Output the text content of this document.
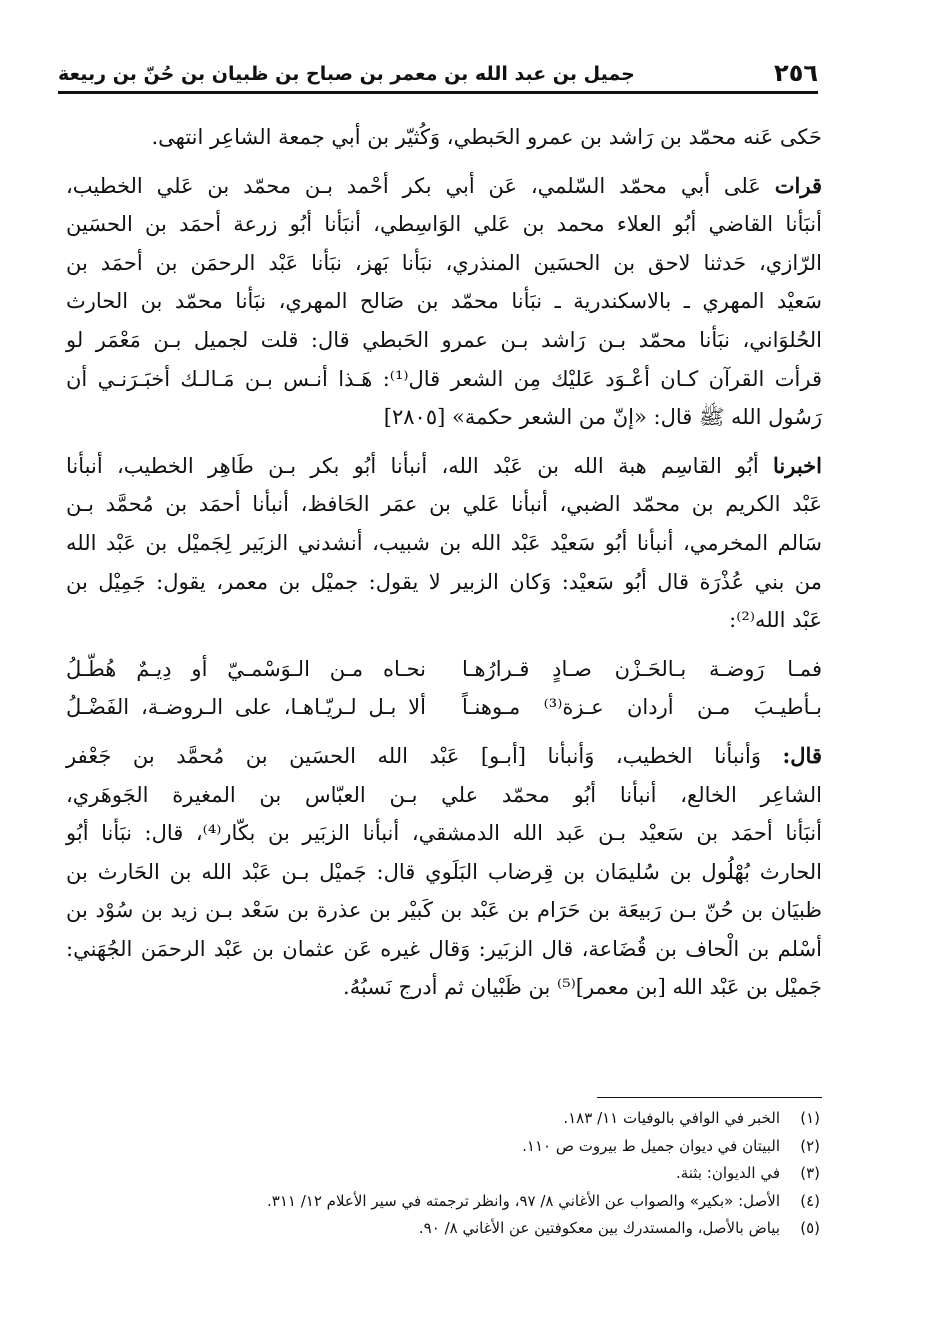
٢٥٦
جميل بن عبد الله بن معمر بن صباح بن ظبيان بن حُنّ بن ربيعة
حَكى عَنه محمّد بن رَاشد بن عمرو الحَبطي، وَكُثيّر بن أبي جمعة الشاعِر انتهى.
قرات عَلى أبي محمّد السّلمي، عَن أبي بكر أحْمد بـن محمّد بن عَلي الخطيب،
أنبَأنا القاضي أبُو العلاء محمد بن عَلي الوَاسِطي، أنبَأنا أبُو زرعة أحمَد بن الحسَين
الرّازي، حَدثنا لاحق بن الحسَين المنذري، نبَأنا بَهز، نبَأنا عَبْد الرحمَن بن أحمَد بن
سَعيْد المهري ـ بالاسكندرية ـ نبَأنا محمّد بن صَالح المهري، نبَأنا محمّد بن الحارث
الحُلوَاني، نبَأنا محمّد بـن رَاشد بـن عمرو الحَبطي قال: قلت لجميل بـن مَعْمَر لو
قرأت القرآن كـان أعْـوَد عَليْك مِن الشعر قال⁽¹⁾: هَـذا أنـس بـن مَـالـك أخبَـرَنـي أن
رَسُول الله ﷺ قال: «إنّ من الشعر حكمة» [٢٨٠٥]
اخبرنا أبُو القاسِم هبة الله بن عَبْد الله، أنبأنا أبُو بكر بـن طَاهِر الخطيب، أنبأنا
عَبْد الكريم بن محمّد الضبي، أنبأنا عَلي بن عمَر الحَافظ، أنبأنا أحمَد بن مُحمَّد بـن
سَالم المخرمي، أنبأنا أبُو سَعيْد عَبْد الله بن شبيب، أنشدني الزبَير لِجَميْل بن عَبْد الله
من بني عُذْرَة قال أبُو سَعيْد: وَكان الزبير لا يقول: جميْل بن معمر، يقول: جَمِيْل بن
عَبْد الله⁽²⁾:
فمـا رَوضـة بـالحَـزْن صـادٍ قـرارُهـا
نحـاه مـن الـوَسْمـيّ أو دِيـمٌ هُطّـلُ
بـأطيـبَ مـن أردان عـزة⁽³⁾ مـوهنـاً
ألا بـل لـريّـاهـا، على الـروضـة، الفَضْـلُ
قال: وَأنبأنا الخطيب، وَأنبأنا [أبـو] عَبْد الله الحسَين بن مُحمَّد بن جَعْفر
الشاعِر الخالع، أنبأنا أبُو محمّد علي بـن العبّاس بن المغيرة الجَوهَري،
أنبَأنا أحمَد بن سَعيْد بـن عَبد الله الدمشقي، أنبأنا الزبَير بن بكّار⁽⁴⁾، قال: نبَأنا أبُو
الحارث بُهْلُول بن سُليمَان بن قِرضاب البَلَوي قال: جَميْل بـن عَبْد الله بن الحَارث بن
ظبيَان بن حُنّ بـن رَبيعَة بن حَرَام بن عَبْد بن كَبيْر بن عذرة بن سَعْد بـن زيد بن سُوْد بن
أسْلم بن الْحاف بن قُضَاعة، قال الزبَير: وَقال غيره عَن عثمان بن عَبْد الرحمَن الجُهَني:
جَميْل بن عَبْد الله [بن معمر]⁽⁵⁾ بن ظَبْيان ثم أدرج نَسبُهُ.
(١)
الخبر في الوافي بالوفيات ١١/ ١٨٣.
(٢)
البيتان في ديوان جميل ط بيروت ص ١١٠.
(٣)
في الديوان: بثنة.
(٤)
الأصل: «بكير» والصواب عن الأغاني ٨/ ٩٧، وانظر ترجمته في سير الأعلام ١٢/ ٣١١.
(٥)
بياض بالأصل، والمستدرك بين معكوفتين عن الأغاني ٨/ ٩٠.
